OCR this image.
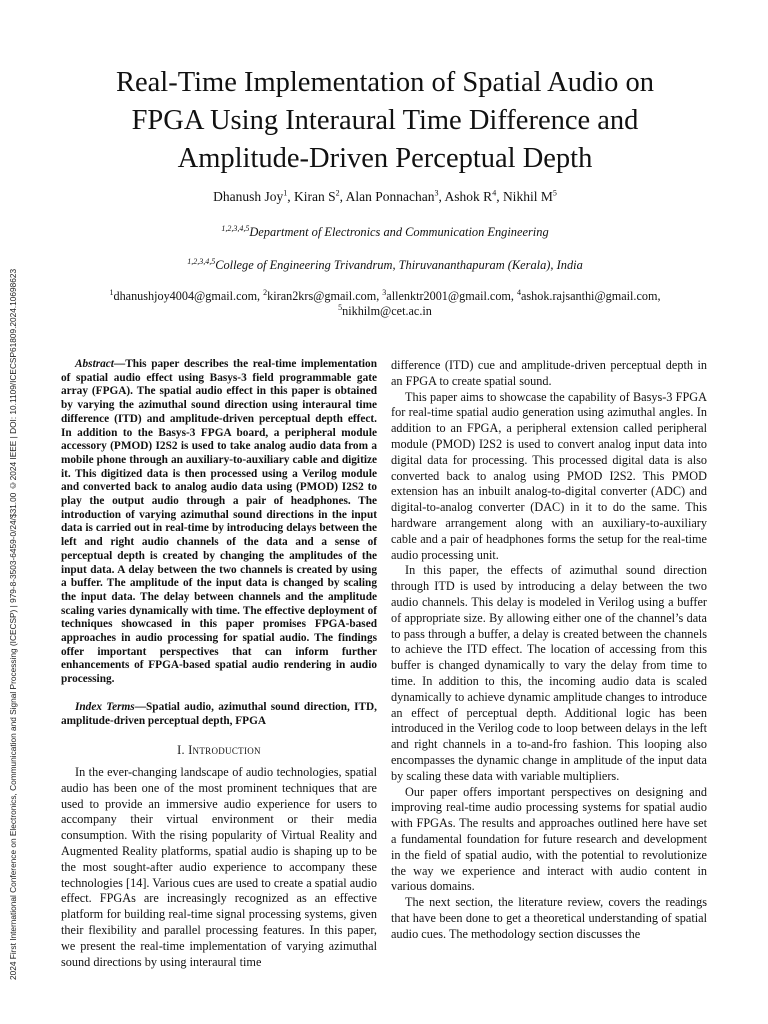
2024 First International Conference on Electronics, Communication and Signal Processing (ICECSP) | 979-8-3503-6459-0/24/$31.00 ©2024 IEEE | DOI: 10.1109/ICECSP61809.2024.10698623
Real-Time Implementation of Spatial Audio on
FPGA Using Interaural Time Difference and
Amplitude-Driven Perceptual Depth
Dhanush Joy$^1$, Kiran $S^2$, Alan Ponnachan$^3$, Ashok $R^4$, Nikhil $M^5$
$^{1,2,3,4,5}$Department of Electronics and Communication Engineering
$^{1,2,3,4,5}$College of Engineering Trivandrum, Thiruvananthapuram (Kerala), India
$^1$dhanushjoy4004@gmail.com, $^2$kiran2krs@gmail.com, $^3$allenktr2001@gmail.com, $^4$ashok.rajsanthi@gmail.com,
$^5$nikhilm@cet.ac.in

Abstract—This paper describes the real-time implementation of spatial audio effect using Basys-3 field programmable gate array (FPGA). The spatial audio effect in this paper is obtained by varying the azimuthal sound direction using interaural time difference (ITD) and amplitude-driven perceptual depth effect. In addition to the Basys-3 FPGA board, a peripheral module accessory (PMOD) I2S2 is used to take analog audio data from a mobile phone through an auxiliary-to-auxiliary cable and digitize it. This digitized data is then processed using a Verilog module and converted back to analog audio data using (PMOD) I2S2 to play the output audio through a pair of headphones. The introduction of varying azimuthal sound directions in the input data is carried out in real-time by introducing delays between the left and right audio channels of the data and a sense of perceptual depth is created by changing the amplitudes of the input data. A delay between the two channels is created by using a buffer. The amplitude of the input data is changed by scaling the input data. The delay between channels and the amplitude scaling varies dynamically with time. The effective deployment of techniques showcased in this paper promises FPGA-based approaches in audio processing for spatial audio. The findings offer important perspectives that can inform further enhancements of FPGA-based spatial audio rendering in audio processing.

Index Terms—Spatial audio, azimuthal sound direction, ITD, amplitude-driven perceptual depth, FPGA

I. Introduction

In the ever-changing landscape of audio technologies, spatial audio has been one of the most prominent techniques that are used to provide an immersive audio experience for users to accompany their virtual environment or their media consumption. With the rising popularity of Virtual Reality and Augmented Reality platforms, spatial audio is shaping up to be the most sought-after audio experience to accompany these technologies [14]. Various cues are used to create a spatial audio effect. FPGAs are increasingly recognized as an effective platform for building real-time signal processing systems, given their flexibility and parallel processing features. In this paper, we present the real-time implementation of varying azimuthal sound directions by using interaural time

difference (ITD) cue and amplitude-driven perceptual depth in an FPGA to create spatial sound.

This paper aims to showcase the capability of Basys-3 FPGA for real-time spatial audio generation using azimuthal angles. In addition to an FPGA, a peripheral extension called peripheral module (PMOD) I2S2 is used to convert analog input data into digital data for processing. This processed digital data is also converted back to analog using PMOD I2S2. This PMOD extension has an inbuilt analog-to-digital converter (ADC) and digital-to-analog converter (DAC) in it to do the same. This hardware arrangement along with an auxiliary-to-auxiliary cable and a pair of headphones forms the setup for the real-time audio processing unit.

In this paper, the effects of azimuthal sound direction through ITD is used by introducing a delay between the two audio channels. This delay is modeled in Verilog using a buffer of appropriate size. By allowing either one of the channel’s data to pass through a buffer, a delay is created between the channels to achieve the ITD effect. The location of accessing from this buffer is changed dynamically to vary the delay from time to time. In addition to this, the incoming audio data is scaled dynamically to achieve dynamic amplitude changes to introduce an effect of perceptual depth. Additional logic has been introduced in the Verilog code to loop between delays in the left and right channels in a to-and-fro fashion. This looping also encompasses the dynamic change in amplitude of the input data by scaling these data with variable multipliers.

Our paper offers important perspectives on designing and improving real-time audio processing systems for spatial audio with FPGAs. The results and approaches outlined here have set a fundamental foundation for future research and development in the field of spatial audio, with the potential to revolutionize the way we experience and interact with audio content in various domains.

The next section, the literature review, covers the readings that have been done to get a theoretical understanding of spatial audio cues. The methodology section discusses the
